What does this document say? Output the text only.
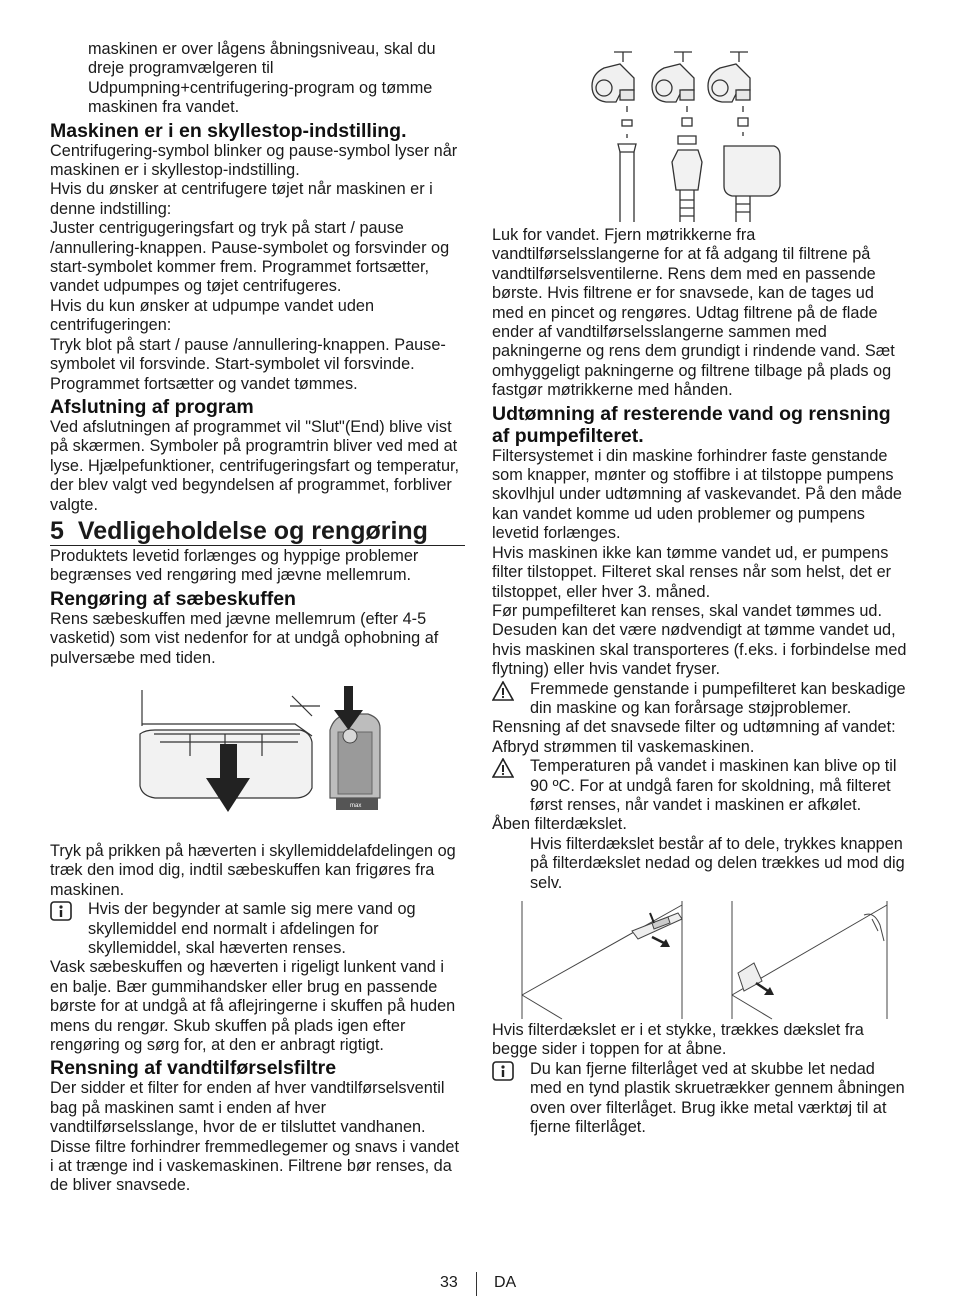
maskinen er over lågens åbningsniveau, skal du dreje programvælgeren til Udpumpning+centrifugering-program og tømme maskinen fra vandet.

Maskinen er i en skyllestop-indstilling.

Centrifugering-symbol blinker og pause-symbol lyser når maskinen er i skyllestop-indstilling.

Hvis du ønsker at centrifugere tøjet når maskinen er i denne indstilling:

Juster centrigugeringsfart og tryk på start / pause /annullering-knappen. Pause-symbolet og forsvinder og start-symbolet kommer frem. Programmet fortsætter, vandet udpumpes og tøjet centrifugeres.

Hvis du kun ønsker at udpumpe vandet uden centrifugeringen:

Tryk blot på start / pause /annullering-knappen. Pause-symbolet vil forsvinde. Start-symbolet vil forsvinde. Programmet fortsætter og vandet tømmes.

Afslutning af program

Ved afslutningen af programmet vil "Slut"(End) blive vist på skærmen. Symboler på programtrin bliver ved med at lyse. Hjælpefunktioner, centrifugeringsfart og temperatur, der blev valgt ved begyndelsen af programmet, forbliver valgte.

5 Vedligeholdelse og rengøring

Produktets levetid forlænges og hyppige problemer begrænses ved rengøring med jævne mellemrum.

Rengøring af sæbeskuffen

Rens sæbeskuffen med jævne mellemrum (efter 4-5 vasketid) som vist nedenfor for at undgå ophobning af pulversæbe med tiden.

max

Tryk på prikken på hæverten i skyllemiddelafdelingen og træk den imod dig, indtil sæbeskuffen kan frigøres fra maskinen.

Hvis der begynder at samle sig mere vand og skyllemiddel end normalt i afdelingen for skyllemiddel, skal hæverten renses.

Vask sæbeskuffen og hæverten i rigeligt lunkent vand i en balje. Bær gummihandsker eller brug en passende børste for at undgå at få aflejringerne i skuffen på huden mens du rengør. Skub skuffen på plads igen efter rengøring og sørg for, at den er anbragt rigtigt.

Rensning af vandtilførselsfiltre

Der sidder et filter for enden af hver vandtilførselsventil bag på maskinen samt i enden af hver vandtilførselsslange, hvor de er tilsluttet vandhanen. Disse filtre forhindrer fremmedlegemer og snavs i vandet i at trænge ind i vaskemaskinen. Filtrene bør renses, da de bliver snavsede.

Luk for vandet. Fjern møtrikkerne fra vandtilførselsslangerne for at få adgang til filtrene på vandtilførselsventilerne. Rens dem med en passende børste. Hvis filtrene er for snavsede, kan de tages ud med en pincet og rengøres. Udtag filtrene på de flade ender af vandtilførselsslangerne sammen med pakningerne og rens dem grundigt i rindende vand. Sæt omhyggeligt pakningerne og filtrene tilbage på plads og fastgør møtrikkerne med hånden.

Udtømning af resterende vand og rensning af pumpefilteret.

Filtersystemet i din maskine forhindrer faste genstande som knapper, mønter og stoffibre i at tilstoppe pumpens skovlhjul under udtømning af vaskevandet. På den måde kan vandet komme ud uden problemer og pumpens levetid forlænges.

Hvis maskinen ikke kan tømme vandet ud, er pumpens filter tilstoppet. Filteret skal renses når som helst, det er tilstoppet, eller hver 3. måned.

Før pumpefilteret kan renses, skal vandet tømmes ud.

Desuden kan det være nødvendigt at tømme vandet ud, hvis maskinen skal transporteres (f.eks. i forbindelse med flytning) eller hvis vandet fryser.

Fremmede genstande i pumpefilteret kan beskadige din maskine og kan forårsage støjproblemer.

Rensning af det snavsede filter og udtømning af vandet:

Afbryd strømmen til vaskemaskinen.

Temperaturen på vandet i maskinen kan blive op til 90 ºC. For at undgå faren for skoldning, må filteret først renses, når vandet i maskinen er afkølet.

Åben filterdækslet.

Hvis filterdækslet består af to dele, trykkes knappen på filterdækslet nedad og delen trækkes ud mod dig selv.

Hvis filterdækslet er i et stykke, trækkes dækslet fra begge sider i toppen for at åbne.

Du kan fjerne filterlåget ved at skubbe let nedad med en tynd plastik skruetrækker gennem åbningen oven over filterlåget. Brug ikke metal værktøj til at fjerne filterlåget.

33 DA
